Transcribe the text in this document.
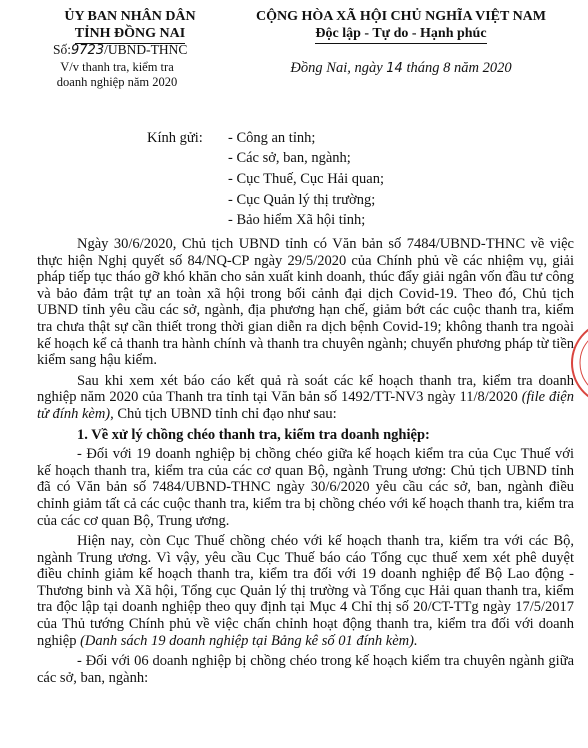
ỦY BAN NHÂN DÂN
TỈNH ĐỒNG NAI
Số:9723/UBND-THNC
V/v thanh tra, kiểm tra
doanh nghiệp năm 2020
CỘNG HÒA XÃ HỘI CHỦ NGHĨA VIỆT NAM
Độc lập - Tự do - Hạnh phúc
Đồng Nai, ngày 14 tháng 8 năm 2020
Kính gửi: - Công an tỉnh;
- Các sở, ban, ngành;
- Cục Thuế, Cục Hải quan;
- Cục Quản lý thị trường;
- Bảo hiểm Xã hội tỉnh;

Ngày 30/6/2020, Chủ tịch UBND tỉnh có Văn bản số 7484/UBND-THNC về việc thực hiện Nghị quyết số 84/NQ-CP ngày 29/5/2020 của Chính phủ về các nhiệm vụ, giải pháp tiếp tục tháo gỡ khó khăn cho sản xuất kinh doanh, thúc đẩy giải ngân vốn đầu tư công và bảo đảm trật tự an toàn xã hội trong bối cảnh đại dịch Covid-19. Theo đó, Chủ tịch UBND tỉnh yêu cầu các sở, ngành, địa phương hạn chế, giảm bớt các cuộc thanh tra, kiểm tra chưa thật sự cần thiết trong thời gian diễn ra dịch bệnh Covid-19; không thanh tra ngoài kế hoạch kể cả thanh tra hành chính và thanh tra chuyên ngành; chuyển phương pháp từ tiền kiểm sang hậu kiểm.

Sau khi xem xét báo cáo kết quả rà soát các kế hoạch thanh tra, kiểm tra doanh nghiệp năm 2020 của Thanh tra tỉnh tại Văn bản số 1492/TT-NV3 ngày 11/8/2020 (file điện tử đính kèm), Chủ tịch UBND tỉnh chỉ đạo như sau:

1. Về xử lý chồng chéo thanh tra, kiểm tra doanh nghiệp:

- Đối với 19 doanh nghiệp bị chồng chéo giữa kế hoạch kiểm tra của Cục Thuế với kế hoạch thanh tra, kiểm tra của các cơ quan Bộ, ngành Trung ương: Chủ tịch UBND tỉnh đã có Văn bản số 7484/UBND-THNC ngày 30/6/2020 yêu cầu các sở, ban, ngành điều chỉnh giảm tất cả các cuộc thanh tra, kiểm tra bị chồng chéo với kế hoạch thanh tra, kiểm tra của các cơ quan Bộ, Trung ương.

Hiện nay, còn Cục Thuế chồng chéo với kế hoạch thanh tra, kiểm tra với các Bộ, ngành Trung ương. Vì vậy, yêu cầu Cục Thuế báo cáo Tổng cục thuế xem xét phê duyệt điều chỉnh giảm kế hoạch thanh tra, kiểm tra đối với 19 doanh nghiệp để Bộ Lao động - Thương binh và Xã hội, Tổng cục Quản lý thị trường và Tổng cục Hải quan thanh tra, kiểm tra độc lập tại doanh nghiệp theo quy định tại Mục 4 Chỉ thị số 20/CT-TTg ngày 17/5/2017 của Thủ tướng Chính phủ về việc chấn chỉnh hoạt động thanh tra, kiểm tra đối với doanh nghiệp (Danh sách 19 doanh nghiệp tại Bảng kê số 01 đính kèm).

- Đối với 06 doanh nghiệp bị chồng chéo trong kế hoạch kiểm tra chuyên ngành giữa các sở, ban, ngành:
